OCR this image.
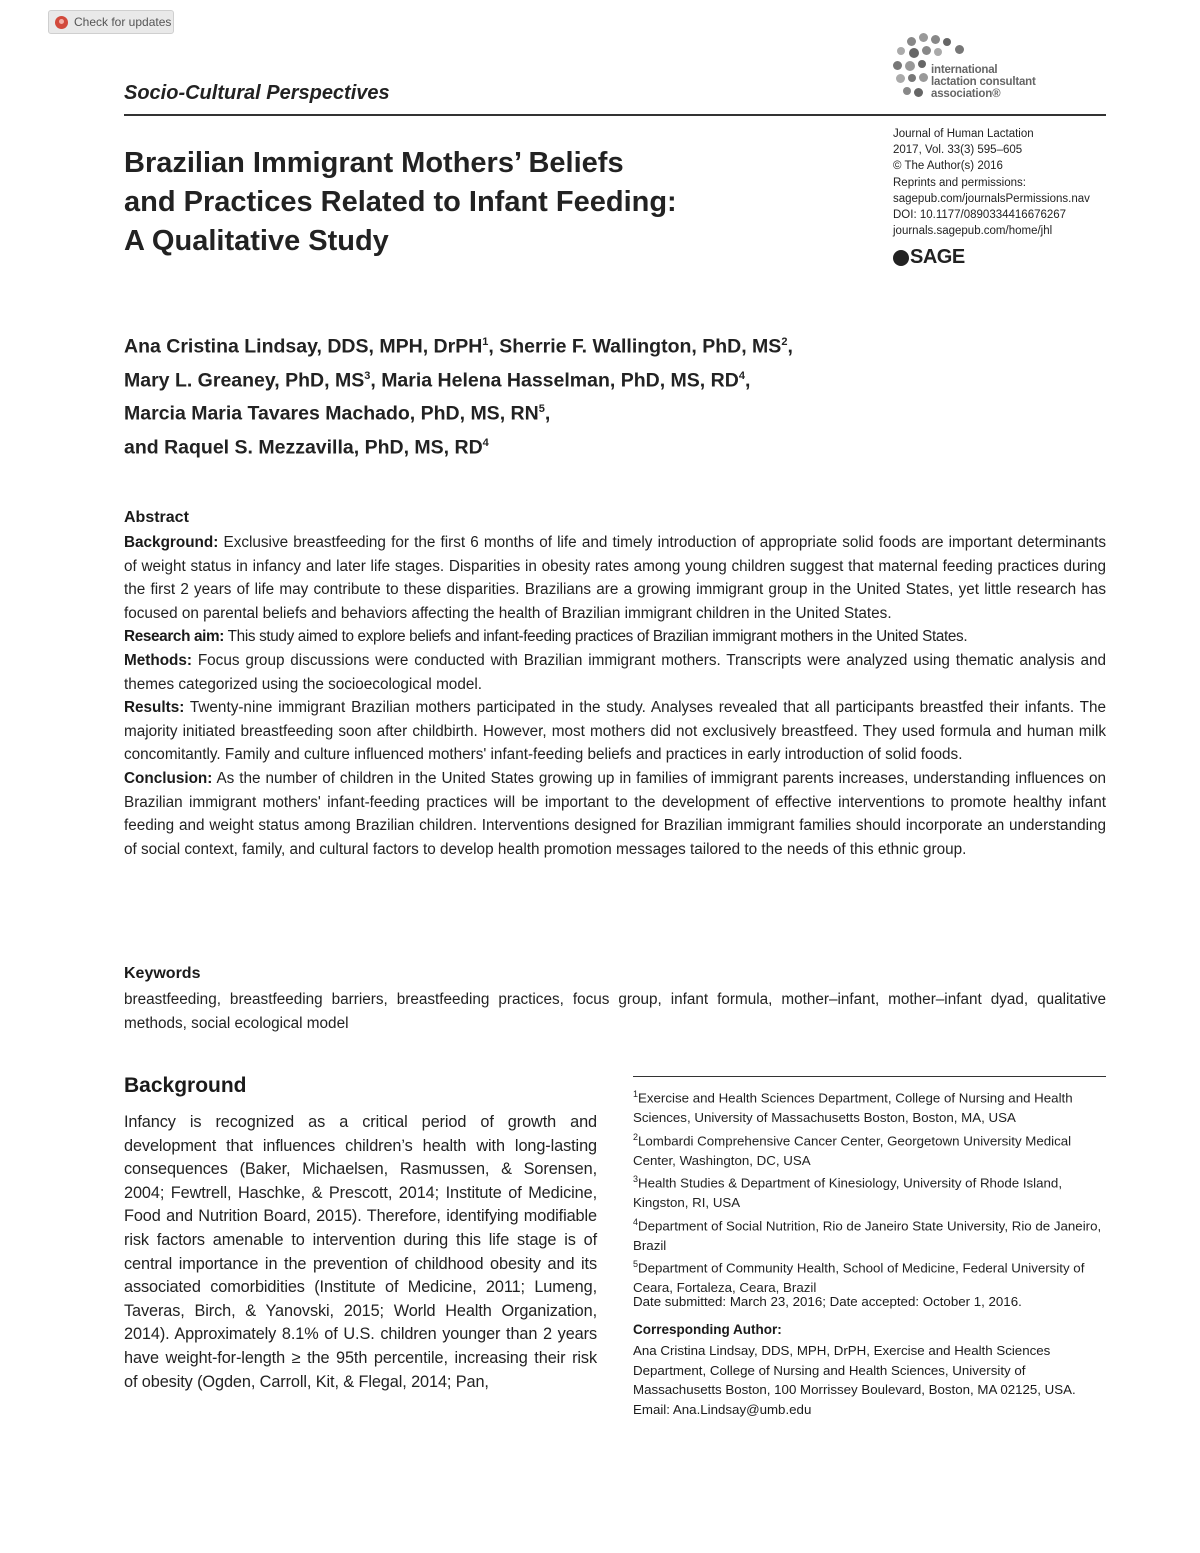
Check for updates
Socio-Cultural Perspectives
international
lactation consultant
association®
Brazilian Immigrant Mothers’ Beliefs
and Practices Related to Infant Feeding:
A Qualitative Study
Journal of Human Lactation
2017, Vol. 33(3) 595–605
© The Author(s) 2016
Reprints and permissions:
sagepub.com/journalsPermissions.nav
DOI: 10.1177/0890334416676267
journals.sagepub.com/home/jhl
SAGE
Ana Cristina Lindsay, DDS, MPH, DrPH$^1$, Sherrie F. Wallington, PhD, $MS^2$,
Mary L. Greaney, PhD, $MS^3$, Maria Helena Hasselman, PhD, MS, $RD^4$,
Marcia Maria Tavares Machado, PhD, MS, $RN^5$,
and Raquel S. Mezzavilla, PhD, MS, $RD^4$
Abstract

Background: Exclusive breastfeeding for the first 6 months of life and timely introduction of appropriate solid foods are important determinants of weight status in infancy and later life stages. Disparities in obesity rates among young children suggest that maternal feeding practices during the first 2 years of life may contribute to these disparities. Brazilians are a growing immigrant group in the United States, yet little research has focused on parental beliefs and behaviors affecting the health of Brazilian immigrant children in the United States.

Research aim: This study aimed to explore beliefs and infant-feeding practices of Brazilian immigrant mothers in the United States.

Methods: Focus group discussions were conducted with Brazilian immigrant mothers. Transcripts were analyzed using thematic analysis and themes categorized using the socioecological model.

Results: Twenty-nine immigrant Brazilian mothers participated in the study. Analyses revealed that all participants breastfed their infants. The majority initiated breastfeeding soon after childbirth. However, most mothers did not exclusively breastfeed. They used formula and human milk concomitantly. Family and culture influenced mothers' infant-feeding beliefs and practices in early introduction of solid foods.

Conclusion: As the number of children in the United States growing up in families of immigrant parents increases, understanding influences on Brazilian immigrant mothers' infant-feeding practices will be important to the development of effective interventions to promote healthy infant feeding and weight status among Brazilian children. Interventions designed for Brazilian immigrant families should incorporate an understanding of social context, family, and cultural factors to develop health promotion messages tailored to the needs of this ethnic group.

Keywords
breastfeeding, breastfeeding barriers, breastfeeding practices, focus group, infant formula, mother–infant, mother–infant dyad, qualitative methods, social ecological model
Background
Infancy is recognized as a critical period of growth and development that influences children’s health with long-lasting consequences (Baker, Michaelsen, Rasmussen, & Sorensen, 2004; Fewtrell, Haschke, & Prescott, 2014; Institute of Medicine, Food and Nutrition Board, 2015). Therefore, identifying modifiable risk factors amenable to intervention during this life stage is of central importance in the prevention of childhood obesity and its associated comorbidities (Institute of Medicine, 2011; Lumeng, Taveras, Birch, & Yanovski, 2015; World Health Organization, 2014). Approximately 8.1% of U.S. children younger than 2 years have weight-for-length ≥ the 95th percentile, increasing their risk of obesity (Ogden, Carroll, Kit, & Flegal, 2014; Pan,

$^1$Exercise and Health Sciences Department, College of Nursing and Health Sciences, University of Massachusetts Boston, Boston, MA, USA

$^2$Lombardi Comprehensive Cancer Center, Georgetown University Medical Center, Washington, DC, USA

$^3$Health Studies & Department of Kinesiology, University of Rhode Island, Kingston, RI, USA

$^4$Department of Social Nutrition, Rio de Janeiro State University, Rio de Janeiro, Brazil

$^5$Department of Community Health, School of Medicine, Federal University of Ceara, Fortaleza, Ceara, Brazil

Date submitted: March 23, 2016; Date accepted: October 1, 2016.
Corresponding Author:
Ana Cristina Lindsay, DDS, MPH, DrPH, Exercise and Health Sciences Department, College of Nursing and Health Sciences, University of Massachusetts Boston, 100 Morrissey Boulevard, Boston, MA 02125, USA.
Email: Ana.Lindsay@umb.edu
